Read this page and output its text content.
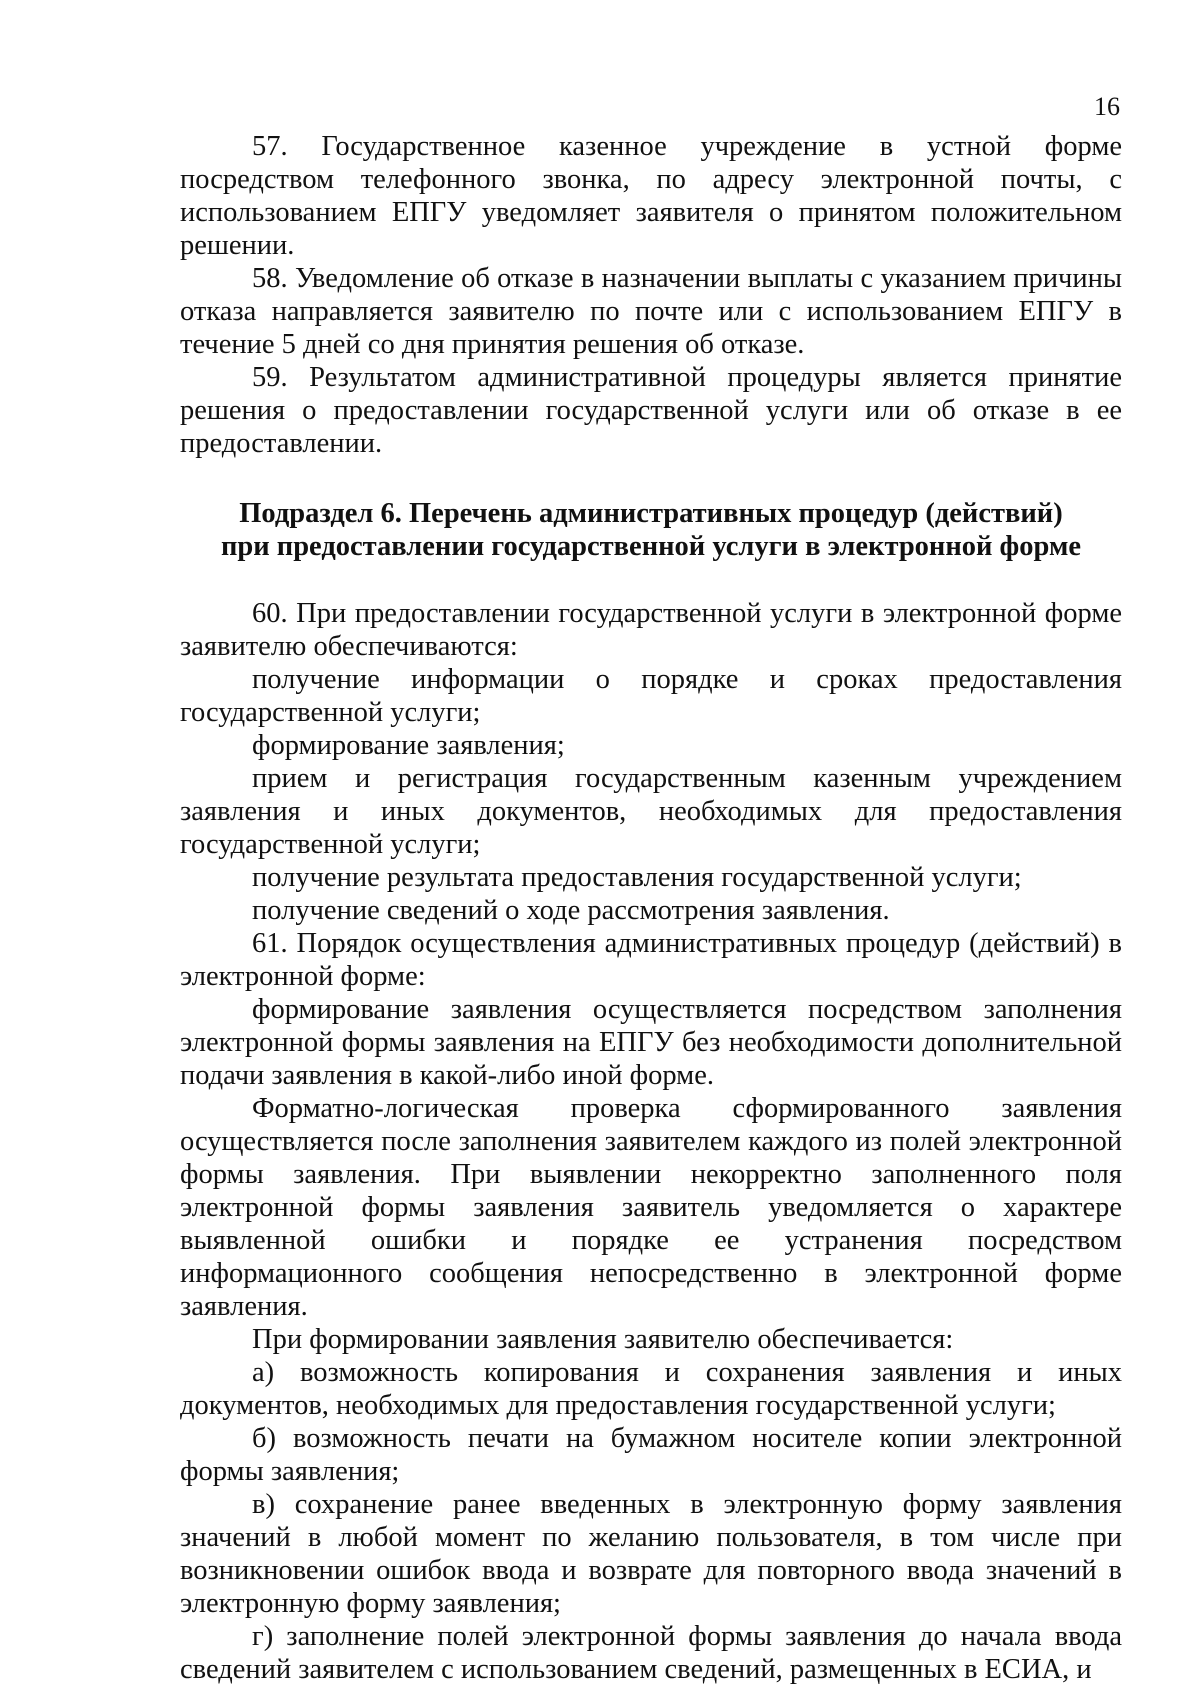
16

57. Государственное казенное учреждение в устной форме посредством телефонного звонка, по адресу электронной почты, с использованием ЕПГУ уведомляет заявителя о принятом положительном решении.

58. Уведомление об отказе в назначении выплаты с указанием причины отказа направляется заявителю по почте или с использованием ЕПГУ в течение 5 дней со дня принятия решения об отказе.

59. Результатом административной процедуры является принятие решения о предоставлении государственной услуги или об отказе в ее предоставлении.

Подраздел 6. Перечень административных процедур (действий)
при предоставлении государственной услуги в электронной форме

60. При предоставлении государственной услуги в электронной форме заявителю обеспечиваются:

получение информации о порядке и сроках предоставления государственной услуги;

формирование заявления;

прием и регистрация государственным казенным учреждением заявления и иных документов, необходимых для предоставления государственной услуги;

получение результата предоставления государственной услуги;

получение сведений о ходе рассмотрения заявления.

61. Порядок осуществления административных процедур (действий) в электронной форме:

формирование заявления осуществляется посредством заполнения электронной формы заявления на ЕПГУ без необходимости дополнительной подачи заявления в какой-либо иной форме.

Форматно-логическая проверка сформированного заявления осуществляется после заполнения заявителем каждого из полей электронной формы заявления. При выявлении некорректно заполненного поля электронной формы заявления заявитель уведомляется о характере выявленной ошибки и порядке ее устранения посредством информационного сообщения непосредственно в электронной форме заявления.

При формировании заявления заявителю обеспечивается:

а) возможность копирования и сохранения заявления и иных документов, необходимых для предоставления государственной услуги;

б) возможность печати на бумажном носителе копии электронной формы заявления;

в) сохранение ранее введенных в электронную форму заявления значений в любой момент по желанию пользователя, в том числе при возникновении ошибок ввода и возврате для повторного ввода значений в электронную форму заявления;

г) заполнение полей электронной формы заявления до начала ввода сведений заявителем с использованием сведений, размещенных в ЕСИА, и
